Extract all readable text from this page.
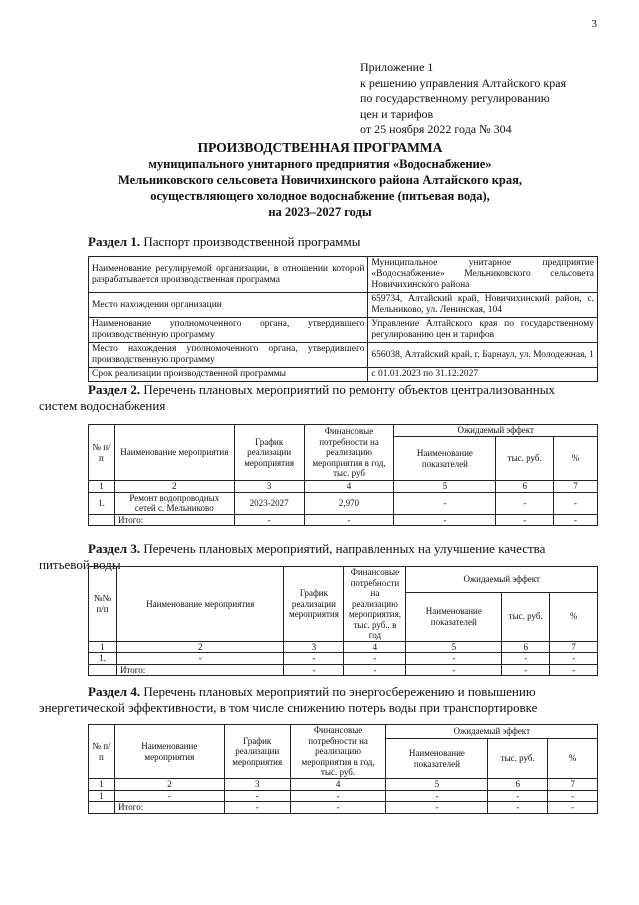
3
Приложение 1
к решению управления Алтайского края
по государственному регулированию
цен и тарифов
от 25 ноября 2022 года № 304
ПРОИЗВОДСТВЕННАЯ ПРОГРАММА
муниципального унитарного предприятия «Водоснабжение»
Мельниковского сельсовета Новичихинского района Алтайского края,
осуществляющего холодное водоснабжение (питьевая вода),
на 2023–2027 годы
Раздел 1. Паспорт производственной программы
Наименование регулируемой организации, в отношении которой разрабатывается производственная программа	Муниципальное унитарное предприятие «Водоснабжение» Мельниковского сельсовета Новичихинского района
Место нахождения организации	659734, Алтайский край, Новичихинский район, с. Мельниково, ул. Ленинская, 104
Наименование уполномоченного органа, утвердившего производственную программу	Управление Алтайского края по государственному регулированию цен и тарифов
Место нахождения уполномоченного органа, утвердившего производственную программу	656038, Алтайский край, г. Барнаул, ул. Молодежная, 1
Срок реализации производственной программы	с 01.01.2023 по 31.12.2027
Раздел 2. Перечень плановых мероприятий по ремонту объектов централизованных
систем водоснабжения
№ п/п	Наименование мероприятия	График реализации мероприятия	Финансовые потребности на реализацию мероприятия в год, тыс. руб	Ожидаемый эффект		
				Наименование показателей	тыс. руб.	%
1	2	3	4	5	6	7
1.	Ремонт водопроводных сетей с. Мельниково	2023-2027	2,970	-	-	-
	Итого:	-	-	-	-	-
Раздел 3. Перечень плановых мероприятий, направленных на улучшение качества
питьевой воды
№№ п/п	Наименование мероприятия	График реализации мероприятия	Финансовые потребности на реализацию мероприятия, тыс. руб., в год	Ожидаемый эффект		
				Наименование показателей	тыс. руб.	%
1	2	3	4	5	6	7
1.	-	-	-	-	-	-
	Итого:	-	-	-	-	-
Раздел 4. Перечень плановых мероприятий по энергосбережению и повышению
энергетической эффективности, в том числе снижению потерь воды при транспортировке
№ п/п	Наименование мероприятия	График реализации мероприятия	Финансовые потребности на реализацию мероприятия в год, тыс. руб.	Ожидаемый эффект		
				Наименование показателей	тыс. руб.	%
1	2	3	4	5	6	7
1	-	-	-	-	-	-
	Итого:	-	-	-	-	-
